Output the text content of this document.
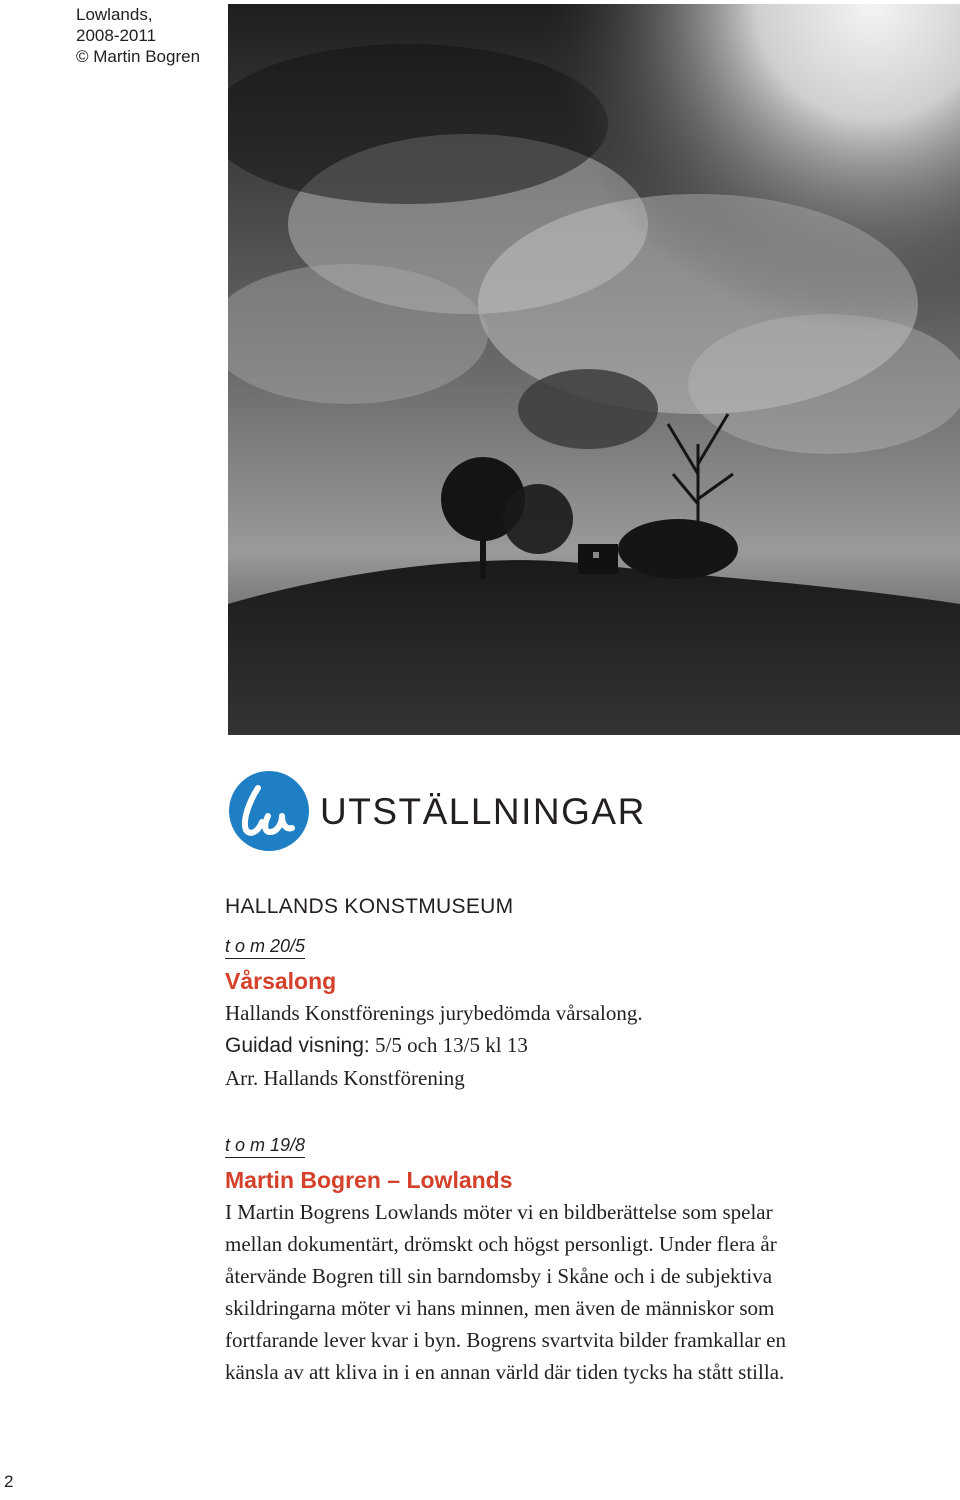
Lowlands,
2008-2011
© Martin Bogren
UTSTÄLLNINGAR
HALLANDS KONSTMUSEUM
t o m 20/5
Vårsalong
Hallands Konstförenings jurybedömda vårsalong.
Guidad visning: 5/5 och 13/5 kl 13
Arr. Hallands Konstförening
t o m 19/8
Martin Bogren – Lowlands
I Martin Bogrens Lowlands möter vi en bildberättelse som spelar
mellan dokumentärt, drömskt och högst personligt. Under flera år
återvände Bogren till sin barndomsby i Skåne och i de subjektiva
skildringarna möter vi hans minnen, men även de människor som
fortfarande lever kvar i byn. Bogrens svartvita bilder framkallar en
känsla av att kliva in i en annan värld där tiden tycks ha stått stilla.
2
